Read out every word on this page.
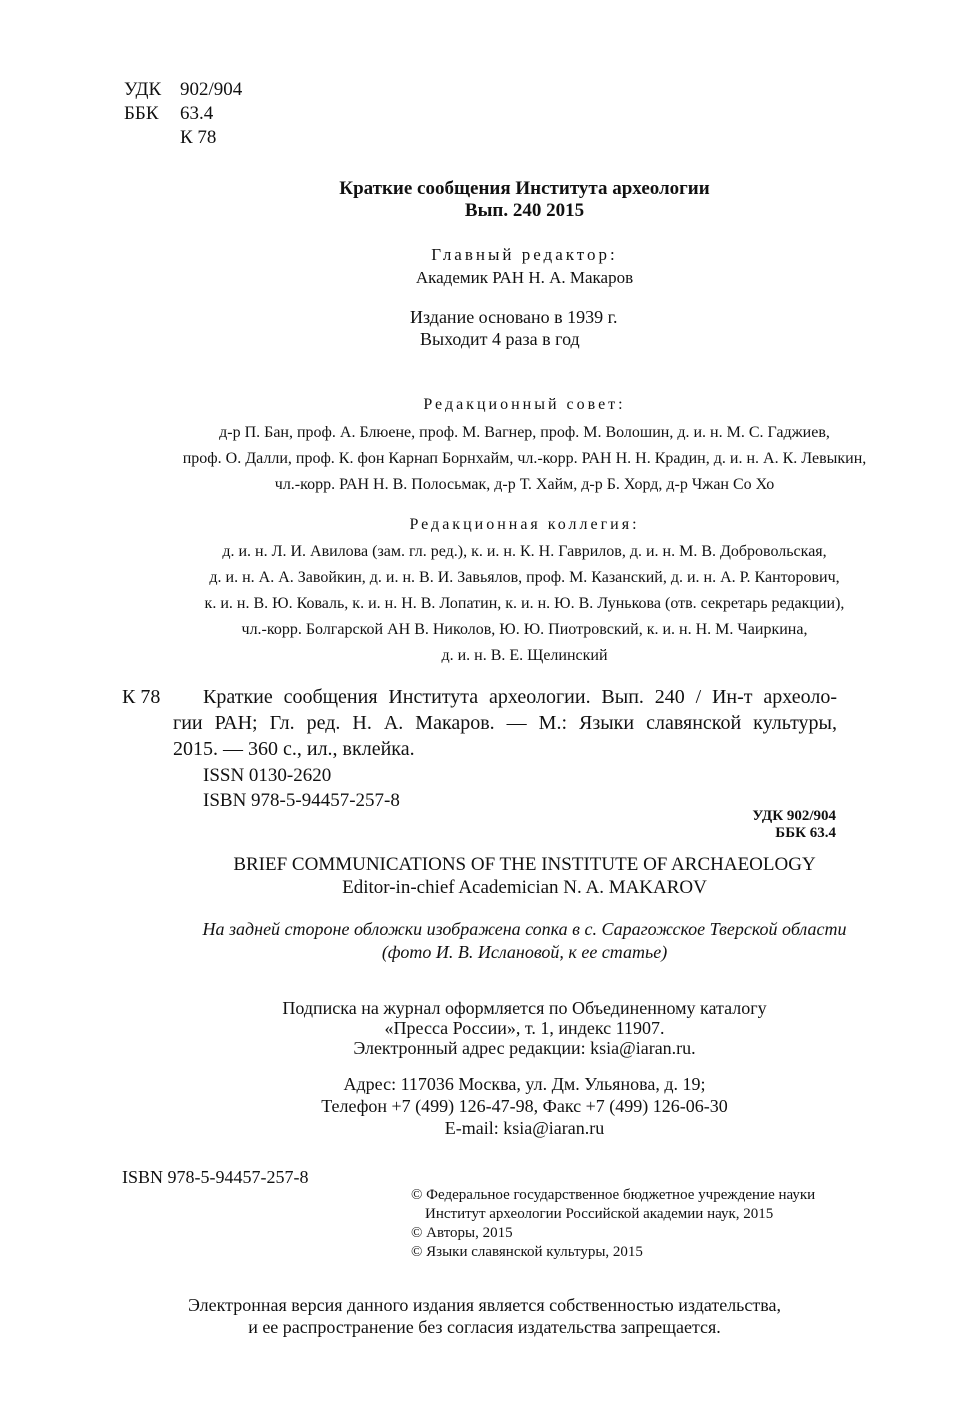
УДК 902/904
ББК 63.4
К 78
Краткие сообщения Института археологии
Вып. 240 2015
Главный редактор:
Академик РАН Н. А. Макаров
Издание основано в 1939 г.
Выходит 4 раза в год
Редакционный совет:
д-р П. Бан, проф. А. Блюене, проф. М. Вагнер, проф. М. Волошин, д. и. н. М. С. Гаджиев,
проф. О. Далли, проф. К. фон Карнап Борнхайм, чл.-корр. РАН Н. Н. Крадин, д. и. н. А. К. Левыкин,
чл.-корр. РАН Н. В. Полосьмак, д-р Т. Хайм, д-р Б. Хорд, д-р Чжан Со Хо
Редакционная коллегия:
д. и. н. Л. И. Авилова (зам. гл. ред.), к. и. н. К. Н. Гаврилов, д. и. н. М. В. Добровольская,
д. и. н. А. А. Завойкин, д. и. н. В. И. Завьялов, проф. М. Казанский, д. и. н. А. Р. Канторович,
к. и. н. В. Ю. Коваль, к. и. н. Н. В. Лопатин, к. и. н. Ю. В. Лунькова (отв. секретарь редакции),
чл.-корр. Болгарской АН В. Николов, Ю. Ю. Пиотровский, к. и. н. Н. М. Чаиркина,
д. и. н. В. Е. Щелинский
К 78	Краткие сообщения Института археологии. Вып. 240 / Ин-т археоло-
гии РАН; Гл. ред. Н. А. Макаров. — М.: Языки славянской культуры,
2015. — 360 с., ил., вклейка.
ISSN 0130-2620
ISBN 978-5-94457-257-8
УДК 902/904
ББК 63.4
BRIEF COMMUNICATIONS OF THE INSTITUTE OF ARCHAEOLOGY
Editor-in-chief Academician N. A. MAKAROV
На задней стороне обложки изображена сопка в с. Сарагожское Тверской области
(фото И. В. Ислановой, к ее статье)
Подписка на журнал оформляется по Объединенному каталогу
«Пресса России», т. 1, индекс 11907.
Электронный адрес редакции: ksia@iaran.ru.
Адрес: 117036 Москва, ул. Дм. Ульянова, д. 19;
Телефон +7 (499) 126-47-98, Факс +7 (499) 126-06-30
E-mail: ksia@iaran.ru
ISBN 978-5-94457-257-8
© Федеральное государственное бюджетное учреждение науки
Институт археологии Российской академии наук, 2015
© Авторы, 2015
© Языки славянской культуры, 2015
Электронная версия данного издания является собственностью издательства,
и ее распространение без согласия издательства запрещается.
